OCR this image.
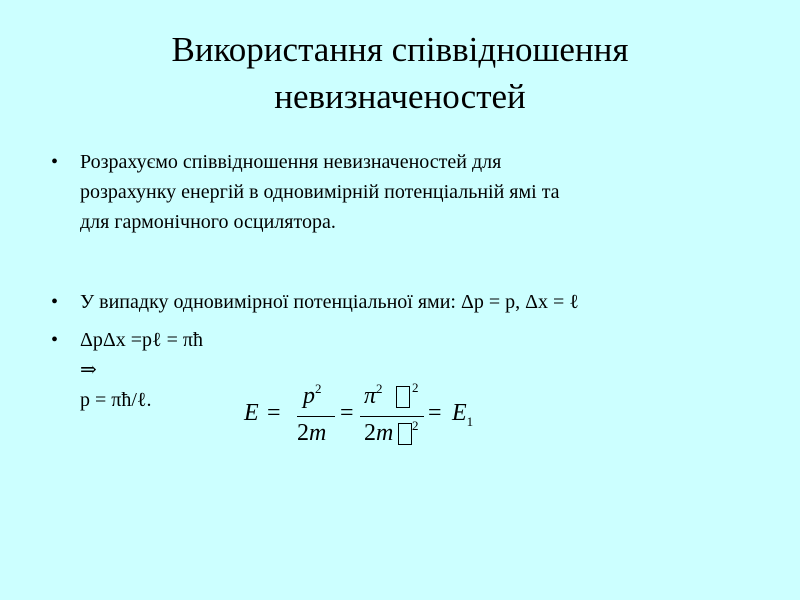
Використання співвідношення
невизначеностей
•	Розрахуємо співвідношення невизначеностей для
розрахунку енергій в одновимірній потенціальній ямі та
для гармонічного осцилятора.
•	У випадку одновимірної потенціальної ями: Δp = p, Δx = ℓ
•	ΔpΔx =pℓ = πħ
⇒
p = πħ/ℓ.	E =
$p^2$
2m
=
$\pi^2$ 2
2m $2 = E_1$
